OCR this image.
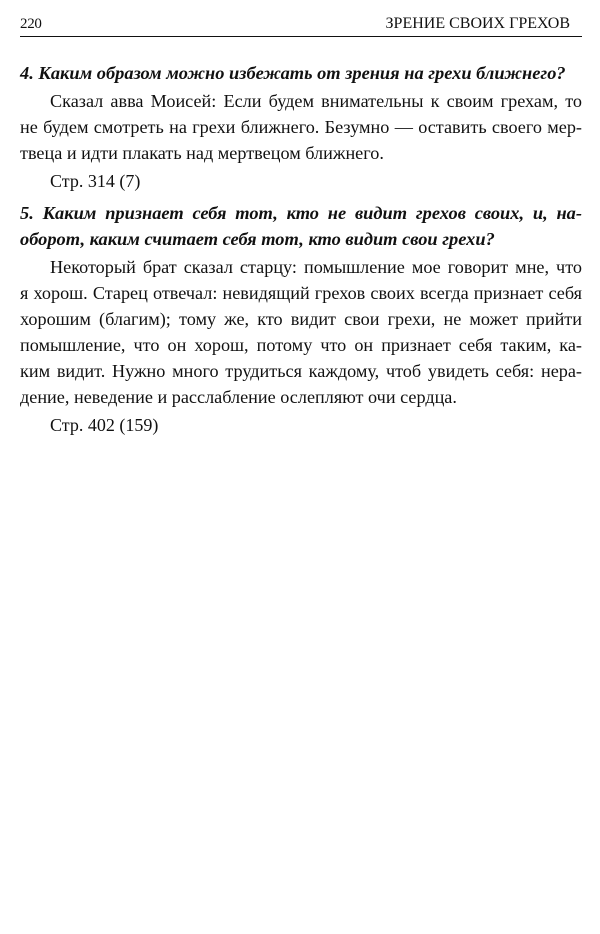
220	ЗРЕНИЕ СВОИХ ГРЕХОВ

4. Каким образом можно избежать от зрения на грехи ближнего?

Сказал авва Моисей: Если будем внимательны к своим грехам, то
не будем смотреть на грехи ближнего. Безумно — оставить своего мер-
твеца и идти плакать над мертвецом ближнего.

Стр. 314 (7)

5. Каким признает себя тот, кто не видит грехов своих, и, на-
оборот, каким считает себя тот, кто видит свои грехи?

Некоторый брат сказал старцу: помышление мое говорит мне, что
я хорош. Старец отвечал: невидящий грехов своих всегда признает себя
хорошим (благим); тому же, кто видит свои грехи, не может прийти
помышление, что он хорош, потому что он признает себя таким, ка-
ким видит. Нужно много трудиться каждому, чтоб увидеть себя: нера-
дение, неведение и расслабление ослепляют очи сердца.

Стр. 402 (159)
